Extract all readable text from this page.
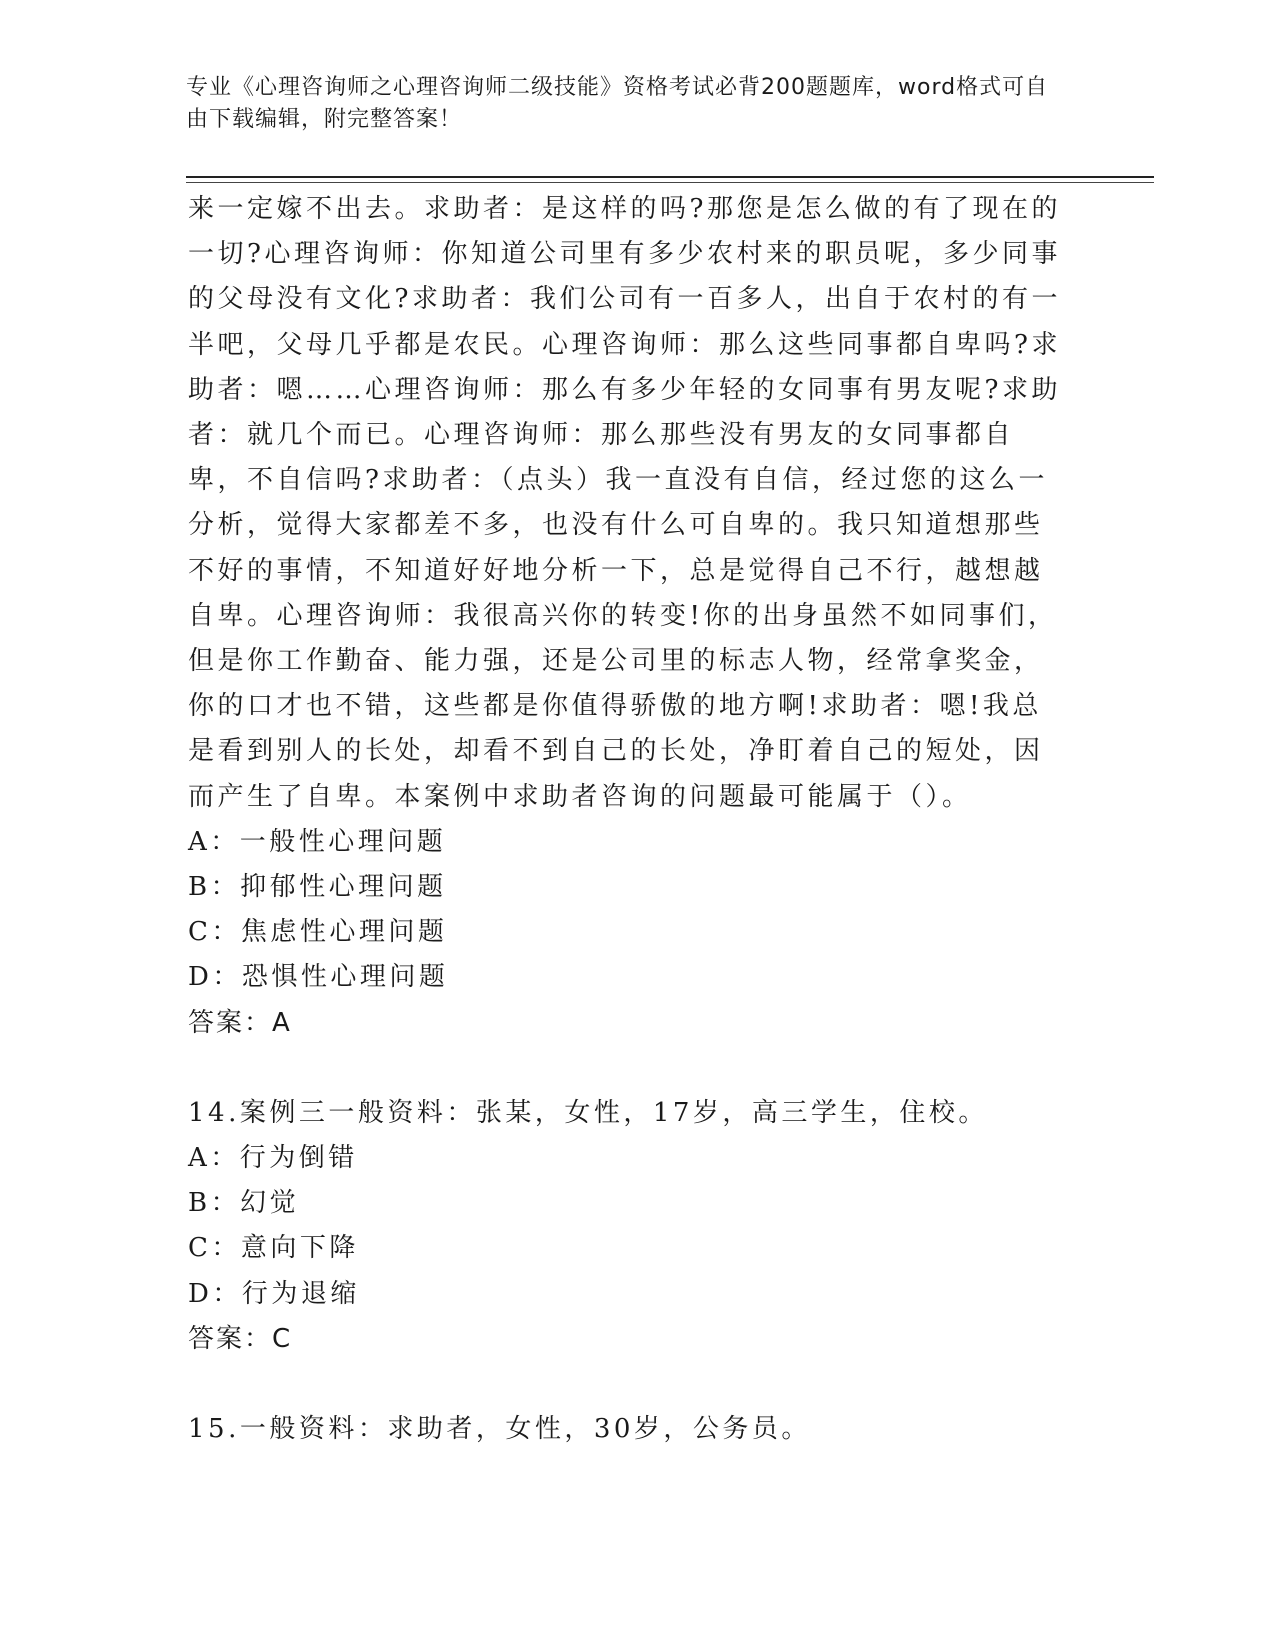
专业《心理咨询师之心理咨询师二级技能》资格考试必背200题题库，word格式可自由下载编辑，附完整答案！

来一定嫁不出去。求助者：是这样的吗?那您是怎么做的有了现在的一切?心理咨询师：你知道公司里有多少农村来的职员呢，多少同事的父母没有文化?求助者：我们公司有一百多人，出自于农村的有一半吧，父母几乎都是农民。心理咨询师：那么这些同事都自卑吗?求助者：嗯……心理咨询师：那么有多少年轻的女同事有男友呢?求助者：就几个而已。心理咨询师：那么那些没有男友的女同事都自卑，不自信吗?求助者：（点头）我一直没有自信，经过您的这么一分析，觉得大家都差不多，也没有什么可自卑的。我只知道想那些不好的事情，不知道好好地分析一下，总是觉得自己不行，越想越自卑。心理咨询师：我很高兴你的转变!你的出身虽然不如同事们，但是你工作勤奋、能力强，还是公司里的标志人物，经常拿奖金，你的口才也不错，这些都是你值得骄傲的地方啊!求助者：嗯!我总是看到别人的长处，却看不到自己的长处，净盯着自己的短处，因而产生了自卑。本案例中求助者咨询的问题最可能属于（）。

A：一般性心理问题

B：抑郁性心理问题

C：焦虑性心理问题

D：恐惧性心理问题

答案：A

14.案例三一般资料：张某，女性，17岁，高三学生，住校。

A：行为倒错

B：幻觉

C：意向下降

D：行为退缩

答案：C

15.一般资料：求助者，女性，30岁，公务员。
